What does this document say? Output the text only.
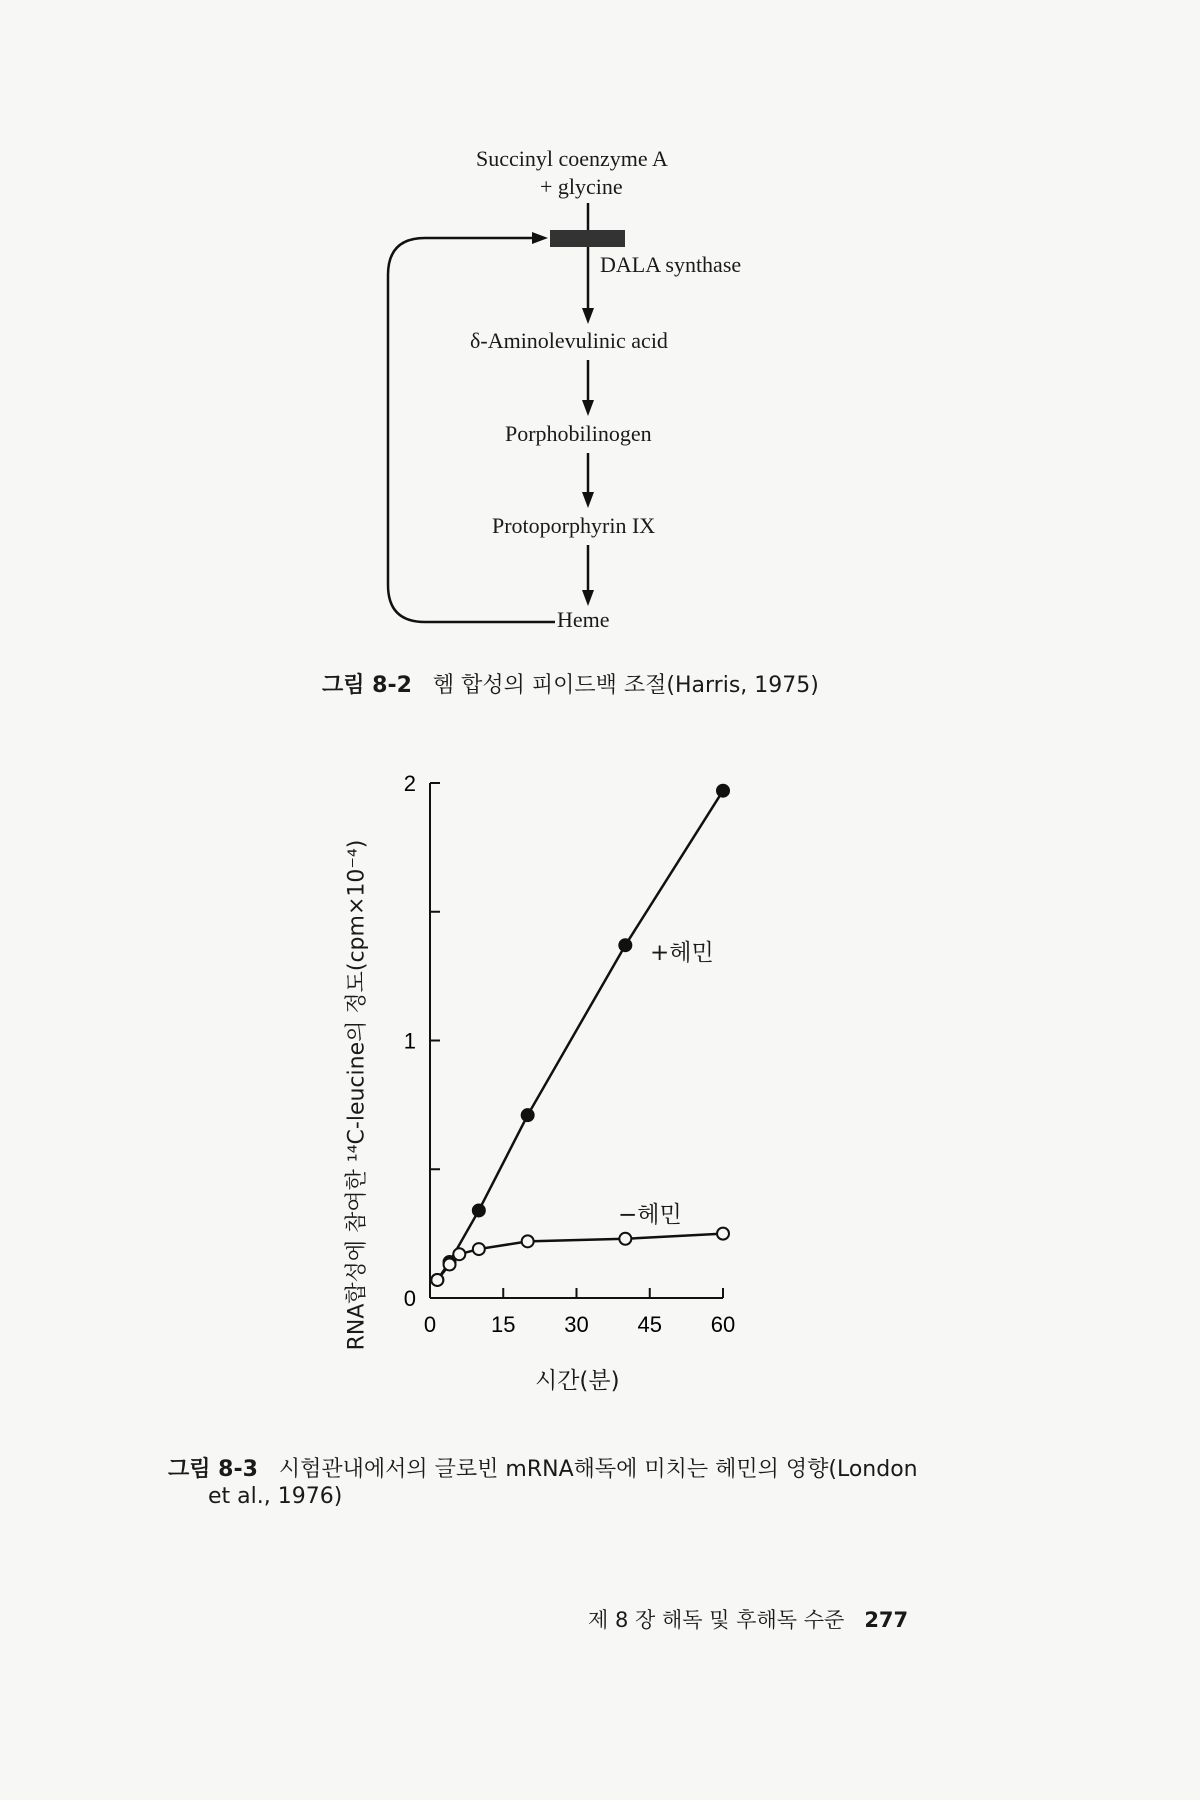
Succinyl coenzyme A
+ glycine
DALA synthase
δ-Aminolevulinic acid
Porphobilinogen
Protoporphyrin IX
Heme
그림 8-2 헴 합성의 피이드백 조절(Harris, 1975)
0
1
2
0 15 30 45 60
RNA합성에 참여한 ¹⁴C-leucine의 정도(cpm×10⁻⁴)
시간(분)
+헤민
−헤민
그림 8-3 시험관내에서의 글로빈 mRNA해독에 미치는 헤민의 영향(London
et al., 1976)
제 8 장 해독 및 후해독 수준 277
